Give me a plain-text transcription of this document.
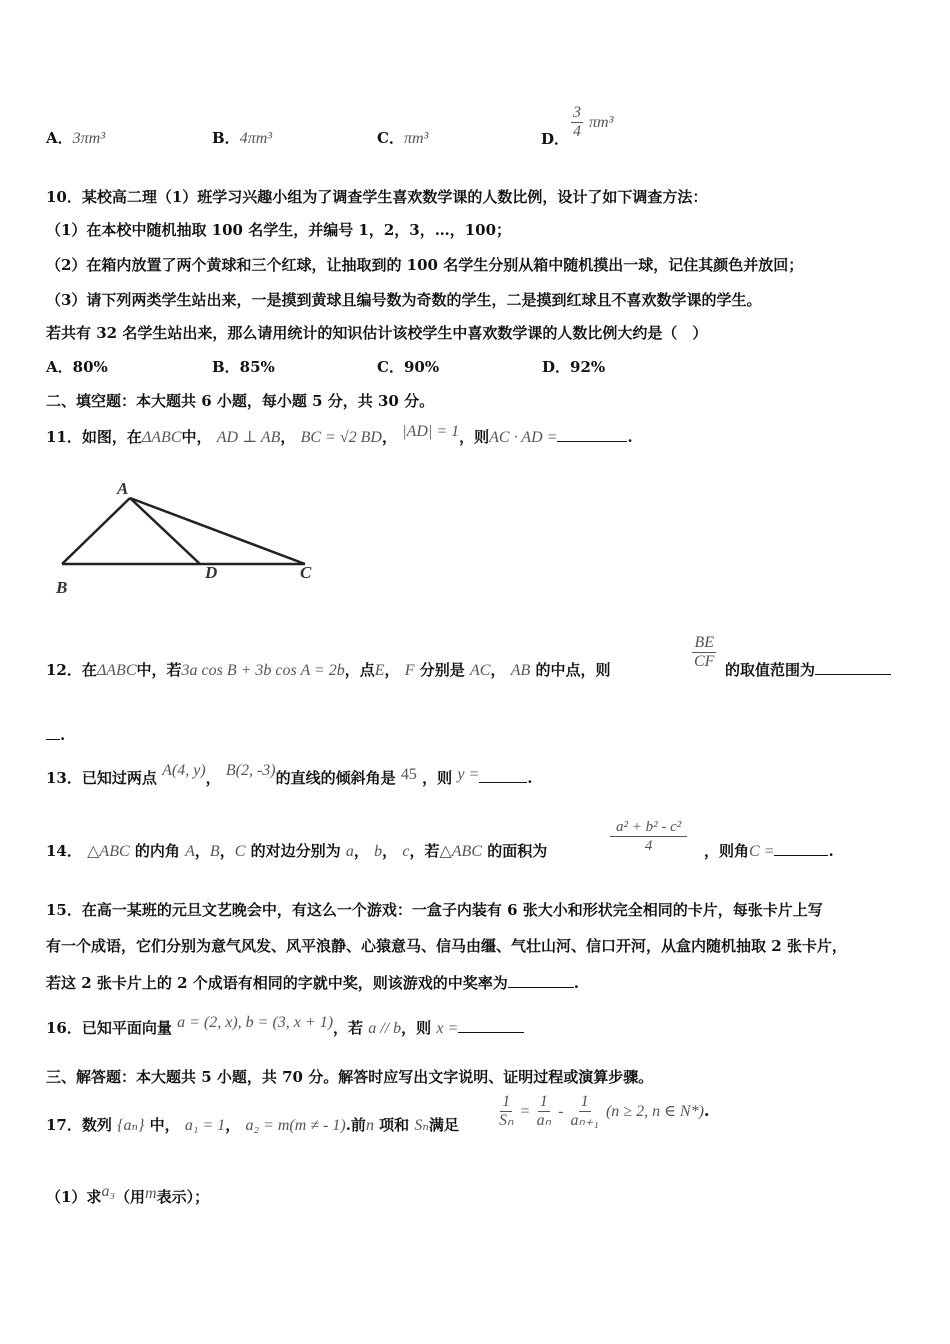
A．3πm³	B．4πm³	C．πm³	D． $\frac{3}{4} \pi m^3$
10．某校高二理（1）班学习兴趣小组为了调查学生喜欢数学课的人数比例，设计了如下调查方法：
（1）在本校中随机抽取 100 名学生，并编号 1，2，3，…，100；
（2）在箱内放置了两个黄球和三个红球，让抽取到的 100 名学生分别从箱中随机摸出一球，记住其颜色并放回；
（3）请下列两类学生站出来，一是摸到黄球且编号数为奇数的学生，二是摸到红球且不喜欢数学课的学生。
若共有 32 名学生站出来，那么请用统计的知识估计该校学生中喜欢数学课的人数比例大约是（　）
A．80%	B．85%	C．90%	D．92%
二、填空题：本大题共 6 小题，每小题 5 分，共 30 分。
11．如图，在ΔABC中， AD ⊥ AB， BC = √2 BD， |AD| = 1，则AC · AD =	.
A
B
D	C
12．在ΔABC中，若3a cos B + 3b cos A = 2b，点E， F 分别是 AC， AB 的中点，则	$\frac{BE}{CF}$ 的取值范围为
.
13．已知过两点 A(4, y)， B(2, -3)的直线的倾斜角是 45 ，则 y =	.
14． △ABC 的内角 A，B，C 的对边分别为 a， b， c，若△ABC 的面积为	$\frac{\text{a² + b² - c²}}{4}$ ，则角C =	.
15．在高一某班的元旦文艺晚会中，有这么一个游戏：一盒子内装有 6 张大小和形状完全相同的卡片，每张卡片上写
有一个成语，它们分别为意气风发、风平浪静、心猿意马、信马由缰、气壮山河、信口开河，从盒内随机抽取 2 张卡片，
若这 2 张卡片上的 2 个成语有相同的字就中奖，则该游戏的中奖率为	.
16．已知平面向量 a = (2, x), b = (3, x + 1)，若 a // b，则 x =
三、解答题：本大题共 5 小题，共 70 分。解答时应写出文字说明、证明过程或演算步骤。
17．数列 {aₙ} 中， a₁ = 1， a₂ = m(m ≠ - 1).前n 项和 Sₙ满足 $\frac{1}{\text{Sₙ}} = \frac{1}{\text{aₙ}} - \frac{1}{\text{aₙ₊₁}} (n \ge 2$, n ∈ N*).
（1）求a₃（用m表示）；
